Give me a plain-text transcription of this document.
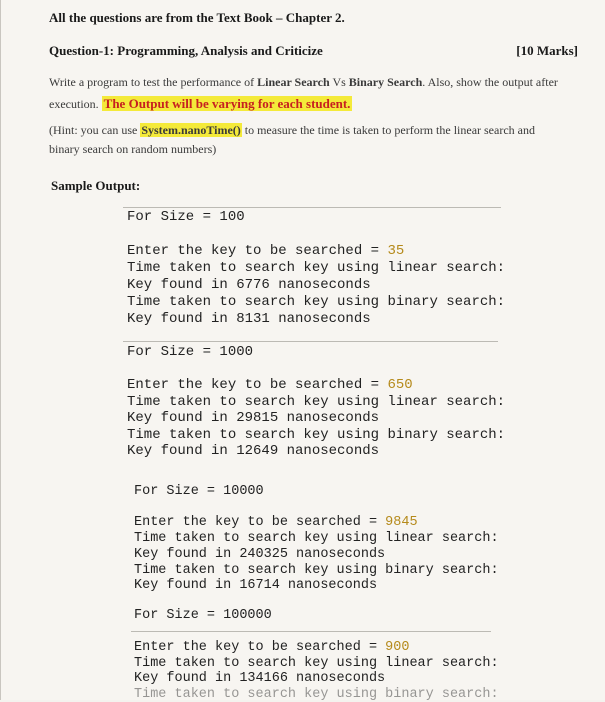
All the questions are from the Text Book – Chapter 2.
Question-1: Programming, Analysis and Criticize	[10 Marks]
Write a program to test the performance of Linear Search Vs Binary Search. Also, show the output after
execution. The Output will be varying for each student.
(Hint: you can use System.nanoTime() to measure the time is taken to perform the linear search and
binary search on random numbers)
Sample Output:
For Size = 100
Enter the key to be searched = 35
Time taken to search key using linear search:
Key found in 6776 nanoseconds
Time taken to search key using binary search:
Key found in 8131 nanoseconds
For Size = 1000
Enter the key to be searched = 650
Time taken to search key using linear search:
Key found in 29815 nanoseconds
Time taken to search key using binary search:
Key found in 12649 nanoseconds
For Size = 10000
Enter the key to be searched = 9845
Time taken to search key using linear search:
Key found in 240325 nanoseconds
Time taken to search key using binary search:
Key found in 16714 nanoseconds
For Size = 100000
Enter the key to be searched = 900
Time taken to search key using linear search:
Key found in 134166 nanoseconds
Time taken to search key using binary search:
